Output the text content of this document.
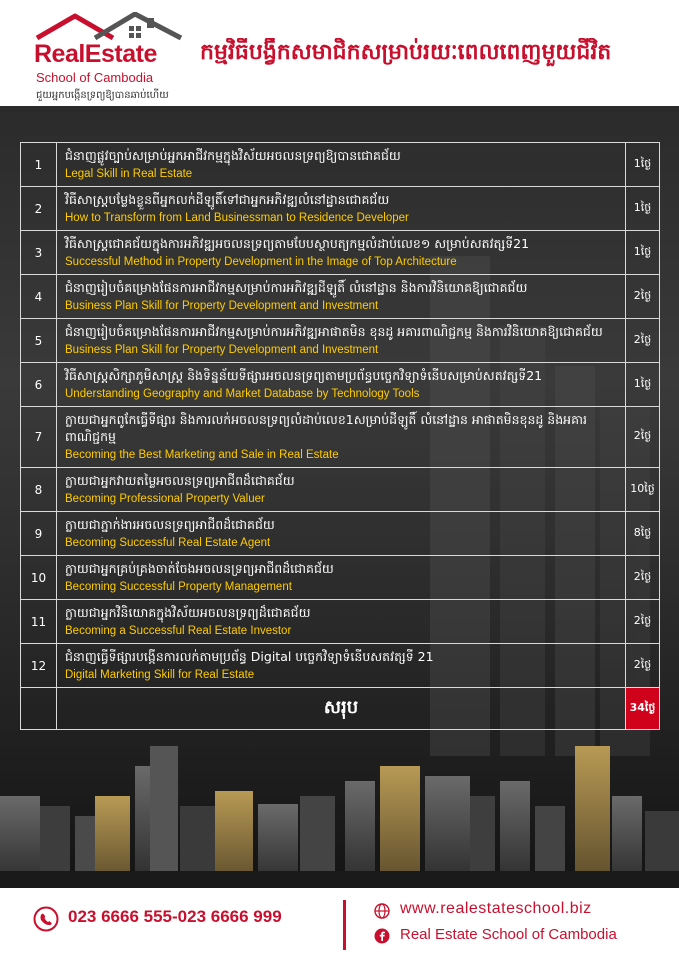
RealEstate
School of Cambodia
ជួយអ្នកបង្កើនទ្រព្យឱ្យបានឆាប់ហើយ
កម្មវិធីបង្វឹកសមាជិកសម្រាប់រយៈពេលពេញមួយជីវិត
1	ជំនាញផ្លូវច្បាប់សម្រាប់អ្នកអាជីវកម្មក្នុងវិស័យអចលនទ្រព្យឱ្យបានជោគជ័យ
Legal Skill in Real Estate	1ថ្ងៃ
2	វិធីសាស្រ្តបម្លែងខ្លួនពីអ្នកលក់ដីឡូតិ៍ទៅជាអ្នកអភិវឌ្ឍលំនៅដ្ឋានជោគជ័យ
How to Transform from Land Businessman to Residence Developer	1ថ្ងៃ
3	វិធីសាស្រ្តជោគជ័យក្នុងការអភិវឌ្ឍអចលនទ្រព្យតាមបែបស្ថាបត្យកម្មលំដាប់លេខ១ សម្រាប់សតវត្សទី21
Successful Method in Property Development in the Image of Top Architecture	1ថ្ងៃ
4	ជំនាញរៀបចំគម្រោងផែនការអាជីវកម្មសម្រាប់ការអភិវឌ្ឍដីឡូតិ៍ លំនៅដ្ឋាន និងការវិនិយោគឱ្យជោគជ័យ
Business Plan Skill for Property Development and Investment	2ថ្ងៃ
5	ជំនាញរៀបចំគម្រោងផែនការអាជីវកម្មសម្រាប់ការអភិវឌ្ឍអាផាតមិន ខុនដូ អគារពាណិជ្ជកម្ម និងការវិនិយោគឱ្យជោគជ័យ
Business Plan Skill for Property Development and Investment	2ថ្ងៃ
6	វិធីសាស្រ្តសិក្សាភូមិសាស្រ្ត និងទិន្នន័យទីផ្សារអចលនទ្រព្យតាមប្រព័ន្ធបច្ចេកវិទ្យាទំនើបសម្រាប់សតវត្សទី21
Understanding Geography and Market Database by Technology Tools	1ថ្ងៃ
7	ក្លាយជាអ្នកពូកែធ្វើទីផ្សារ និងការលក់អចលនទ្រព្យលំដាប់លេខ1សម្រាប់ដីឡូតិ៍ លំនៅដ្ឋាន អាផាតមិនខុនដូ និងអគារពាណិជ្ជកម្ម
Becoming the Best Marketing and Sale in Real Estate	2ថ្ងៃ
8	ក្លាយជាអ្នកវាយតម្លៃអចលនទ្រព្យអាជីពដ៏ជោគជ័យ
Becoming Professional Property Valuer	10ថ្ងៃ
9	ក្លាយជាភ្នាក់ងារអចលនទ្រព្យអាជីពដ៏ជោគជ័យ
Becoming Successful Real Estate Agent	8ថ្ងៃ
10	ក្លាយជាអ្នកគ្រប់គ្រងចាត់ចែងអចលនទ្រព្យអាជីពដ៏ជោគជ័យ
Becoming Successful Property Management	2ថ្ងៃ
11	ក្លាយជាអ្នកវិនិយោគក្នុងវិស័យអចលនទ្រព្យដ៏ជោគជ័យ
Becoming a Successful Real Estate Investor	2ថ្ងៃ
12	ជំនាញធ្វើទីផ្សារបង្កើនការលក់តាមប្រព័ន្ធ Digital បច្ចេកវិទ្យាទំនើបសតវត្សទី 21
Digital Marketing Skill for Real Estate	2ថ្ងៃ
	សរុប	34ថ្ងៃ
023 6666 555-023 6666 999	www.realestateschool.biz
Real Estate School of Cambodia
